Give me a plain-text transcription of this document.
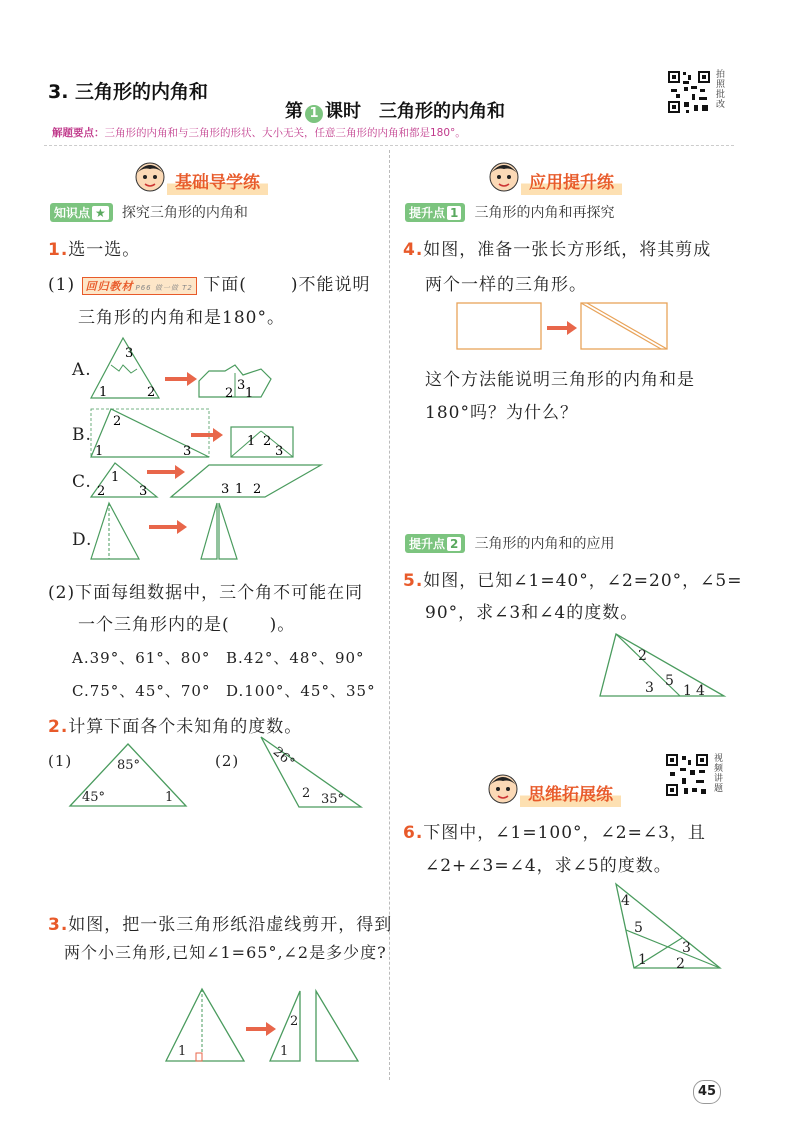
3. 三角形的内角和
第 1 课时 三角形的内角和
解题要点：三角形的内角和与三角形的形状、大小无关，任意三角形的内角和都是180°。
拍照批改
基础导学练
知识点 ★ 探究三角形的内角和
1.选一选。
(1) 回归教材 P66 做一做 T2 下面(	)不能说明
三角形的内角和是180°。
A.
B.
C.
D.
3
1	2	3
2 1
2
1	3
1 2
3
1
2	3	3 1 2
(2)下面每组数据中，三个角不可能在同
一个三角形内的是( )。
A.39°、61°、80° B.42°、48°、90°
C.75°、45°、70° D.100°、45°、35°
2.计算下面各个未知角的度数。
(1)	(2)
85°
45°	1
26°
2 35°
3.如图，把一张三角形纸沿虚线剪开，得到
两个小三角形,已知∠1=65°,∠2是多少度?
1
2
1
应用提升练
提升点 1 三角形的内角和再探究
4.如图，准备一张长方形纸，将其剪成
两个一样的三角形。
这个方法能说明三角形的内角和是
180°吗？为什么？
提升点 2 三角形的内角和的应用
5.如图，已知∠1=40°，∠2=20°，∠5=
90°，求∠3和∠4的度数。
2
3 5
1 4
视频讲题
思维拓展练
6.下图中，∠1=100°，∠2=∠3，且
∠2+∠3=∠4，求∠5的度数。
4
5
3
1 2
45
